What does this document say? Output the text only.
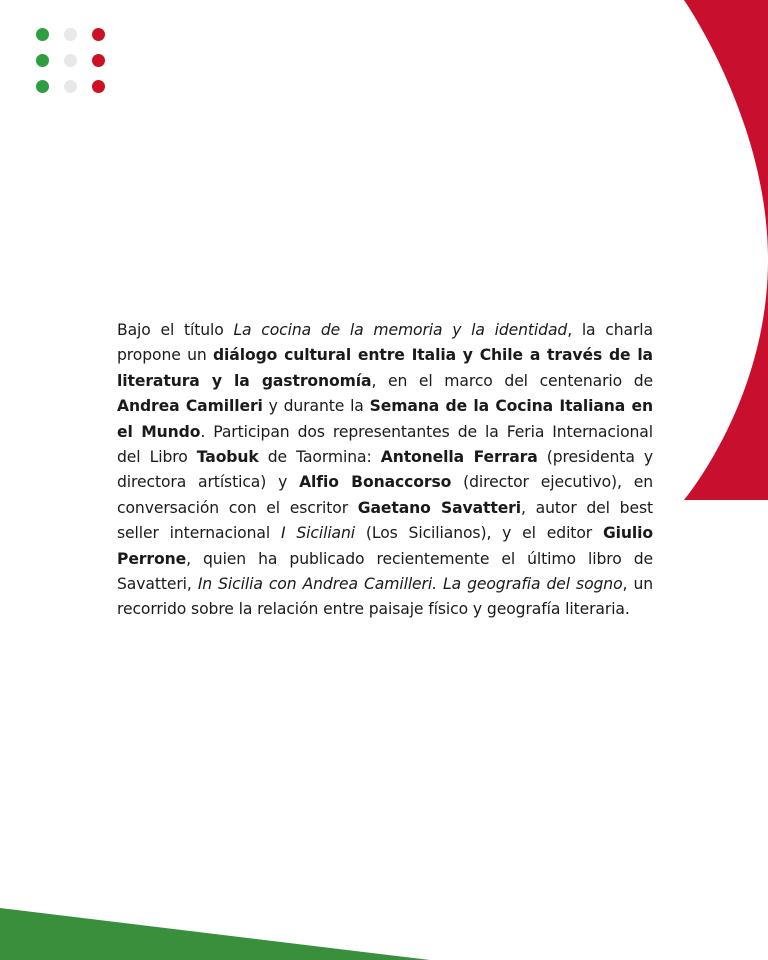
Bajo el título La cocina de la memoria y la identidad, la charla propone un diálogo cultural entre Italia y Chile a través de la literatura y la gastronomía, en el marco del centenario de Andrea Camilleri y durante la Semana de la Cocina Italiana en el Mundo. Participan dos representantes de la Feria Internacional del Libro Taobuk de Taormina: Antonella Ferrara (presidenta y directora artística) y Alfio Bonaccorso (director ejecutivo), en conversación con el escritor Gaetano Savatteri, autor del best seller internacional I Siciliani (Los Sicilianos), y el editor Giulio Perrone, quien ha publicado recientemente el último libro de Savatteri, In Sicilia con Andrea Camilleri. La geografia del sogno, un recorrido sobre la relación entre paisaje físico y geografía literaria.
